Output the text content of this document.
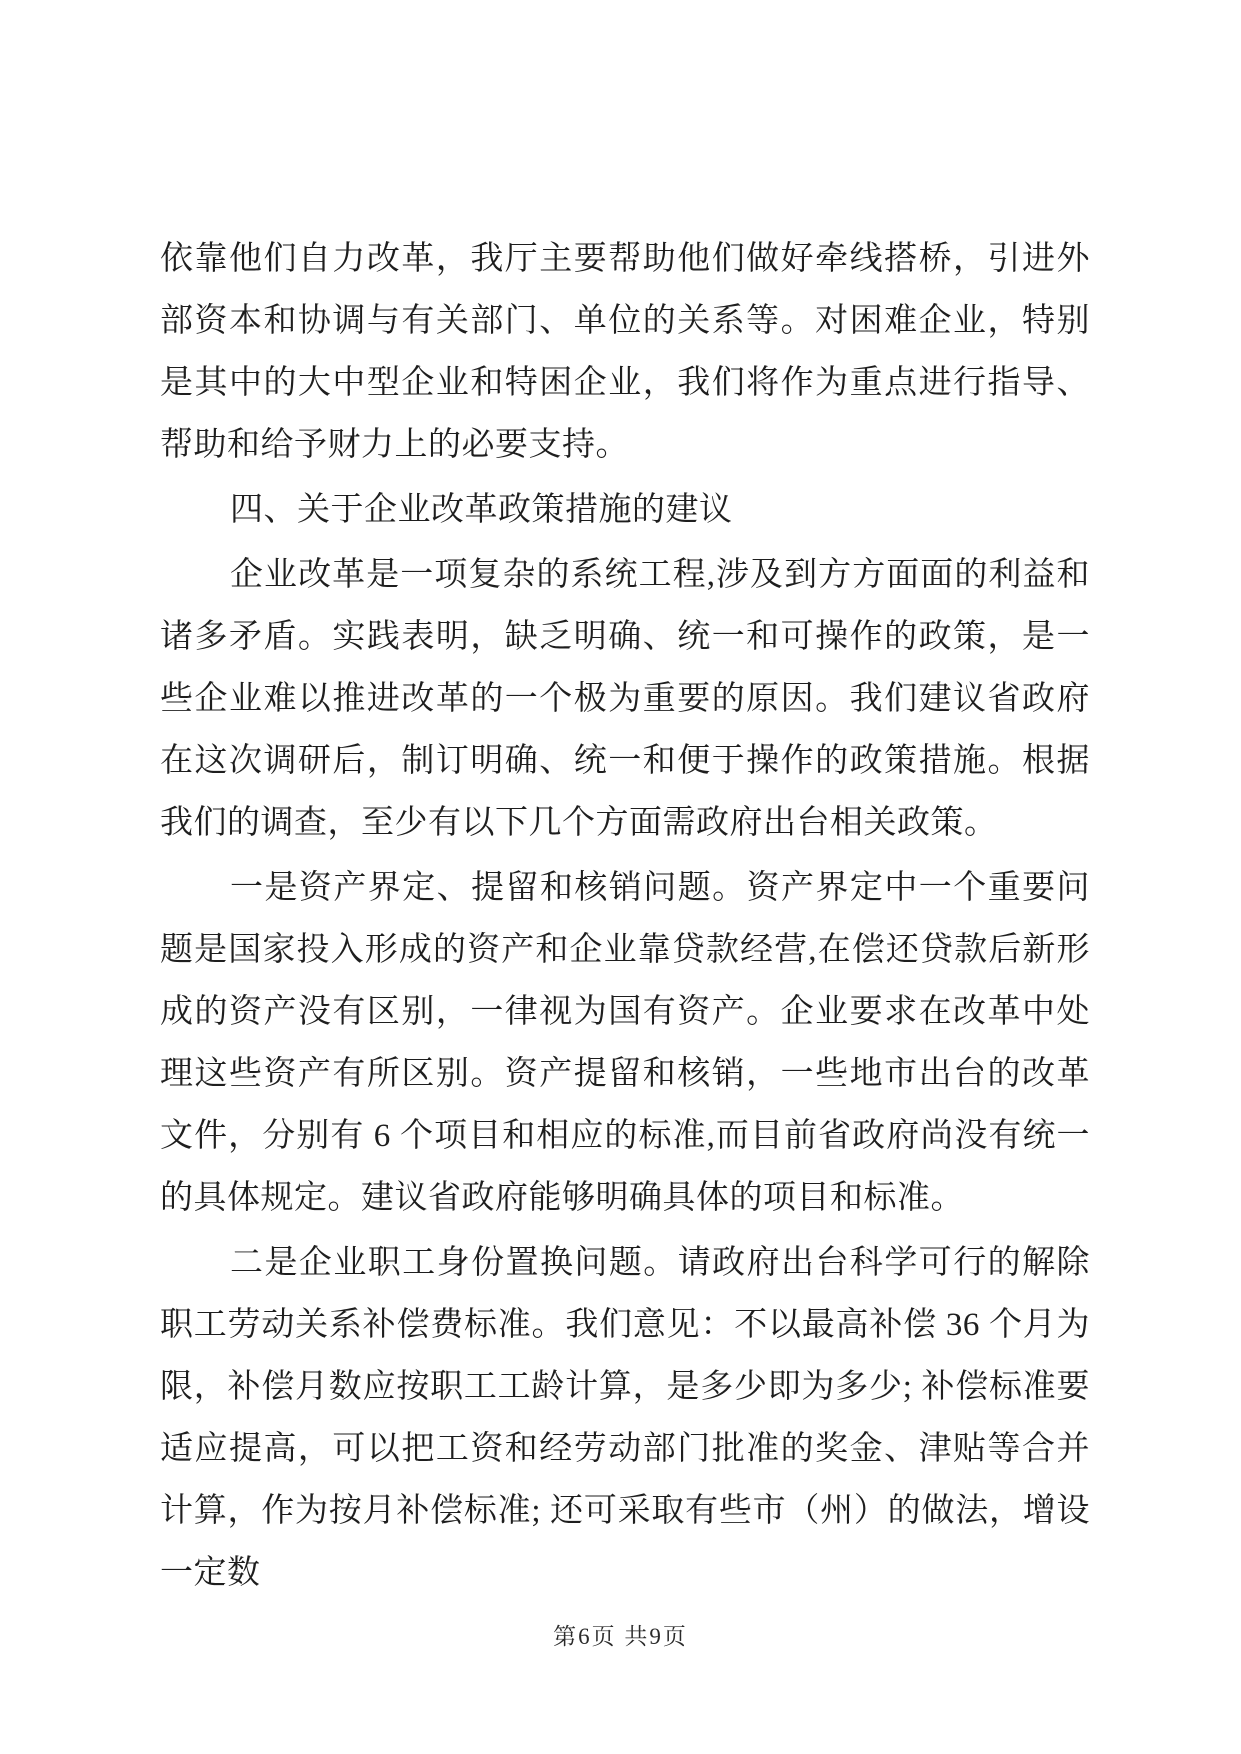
依靠他们自力改革，我厅主要帮助他们做好牵线搭桥，引进外部资本和协调与有关部门、单位的关系等。对困难企业，特别是其中的大中型企业和特困企业，我们将作为重点进行指导、帮助和给予财力上的必要支持。

四、关于企业改革政策措施的建议

企业改革是一项复杂的系统工程,涉及到方方面面的利益和诸多矛盾。实践表明，缺乏明确、统一和可操作的政策，是一些企业难以推进改革的一个极为重要的原因。我们建议省政府在这次调研后，制订明确、统一和便于操作的政策措施。根据我们的调查，至少有以下几个方面需政府出台相关政策。

一是资产界定、提留和核销问题。资产界定中一个重要问题是国家投入形成的资产和企业靠贷款经营,在偿还贷款后新形成的资产没有区别，一律视为国有资产。企业要求在改革中处理这些资产有所区别。资产提留和核销，一些地市出台的改革文件，分别有 6 个项目和相应的标准,而目前省政府尚没有统一的具体规定。建议省政府能够明确具体的项目和标准。

二是企业职工身份置换问题。请政府出台科学可行的解除职工劳动关系补偿费标准。我们意见：不以最高补偿 36 个月为限，补偿月数应按职工工龄计算，是多少即为多少; 补偿标准要适应提高，可以把工资和经劳动部门批准的奖金、津贴等合并计算，作为按月补偿标准; 还可采取有些市（州）的做法，增设一定数

第6页 共9页
